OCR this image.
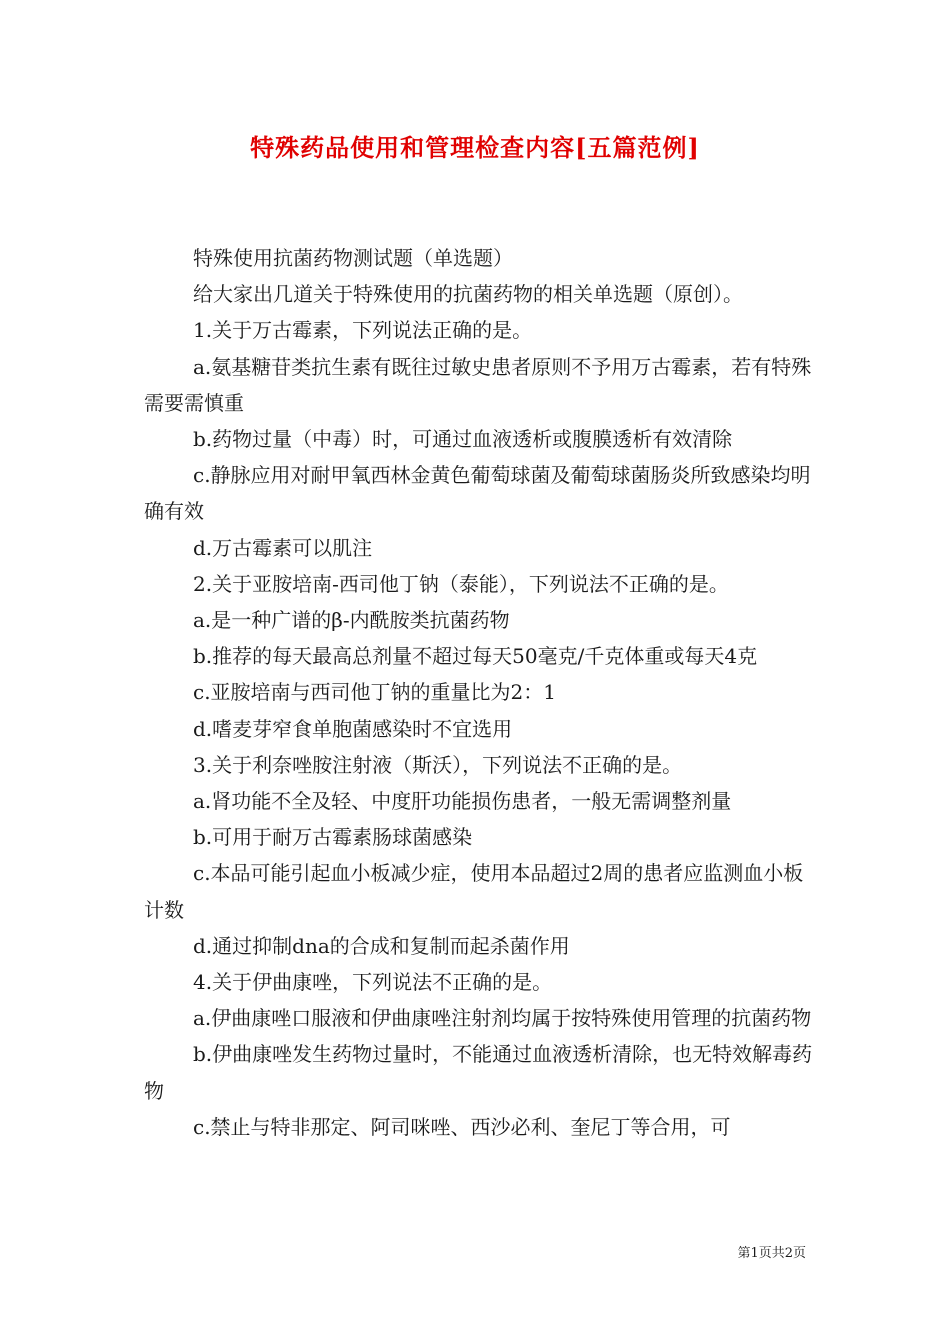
特殊药品使用和管理检查内容[五篇范例]

特殊使用抗菌药物测试题（单选题）

给大家出几道关于特殊使用的抗菌药物的相关单选题（原创）。

1.关于万古霉素，下列说法正确的是。

a.氨基糖苷类抗生素有既往过敏史患者原则不予用万古霉素，若有特殊需要需慎重

b.药物过量（中毒）时，可通过血液透析或腹膜透析有效清除

c.静脉应用对耐甲氧西林金黄色葡萄球菌及葡萄球菌肠炎所致感染均明确有效

d.万古霉素可以肌注

2.关于亚胺培南-西司他丁钠（泰能），下列说法不正确的是。

a.是一种广谱的β-内酰胺类抗菌药物

b.推荐的每天最高总剂量不超过每天50毫克/千克体重或每天4克

c.亚胺培南与西司他丁钠的重量比为2：1

d.嗜麦芽窄食单胞菌感染时不宜选用

3.关于利奈唑胺注射液（斯沃），下列说法不正确的是。

a.肾功能不全及轻、中度肝功能损伤患者，一般无需调整剂量

b.可用于耐万古霉素肠球菌感染

c.本品可能引起血小板减少症，使用本品超过2周的患者应监测血小板计数

d.通过抑制dna的合成和复制而起杀菌作用

4.关于伊曲康唑，下列说法不正确的是。

a.伊曲康唑口服液和伊曲康唑注射剂均属于按特殊使用管理的抗菌药物

b.伊曲康唑发生药物过量时，不能通过血液透析清除，也无特效解毒药物

c.禁止与特非那定、阿司咪唑、西沙必利、奎尼丁等合用，可

第1页共2页
